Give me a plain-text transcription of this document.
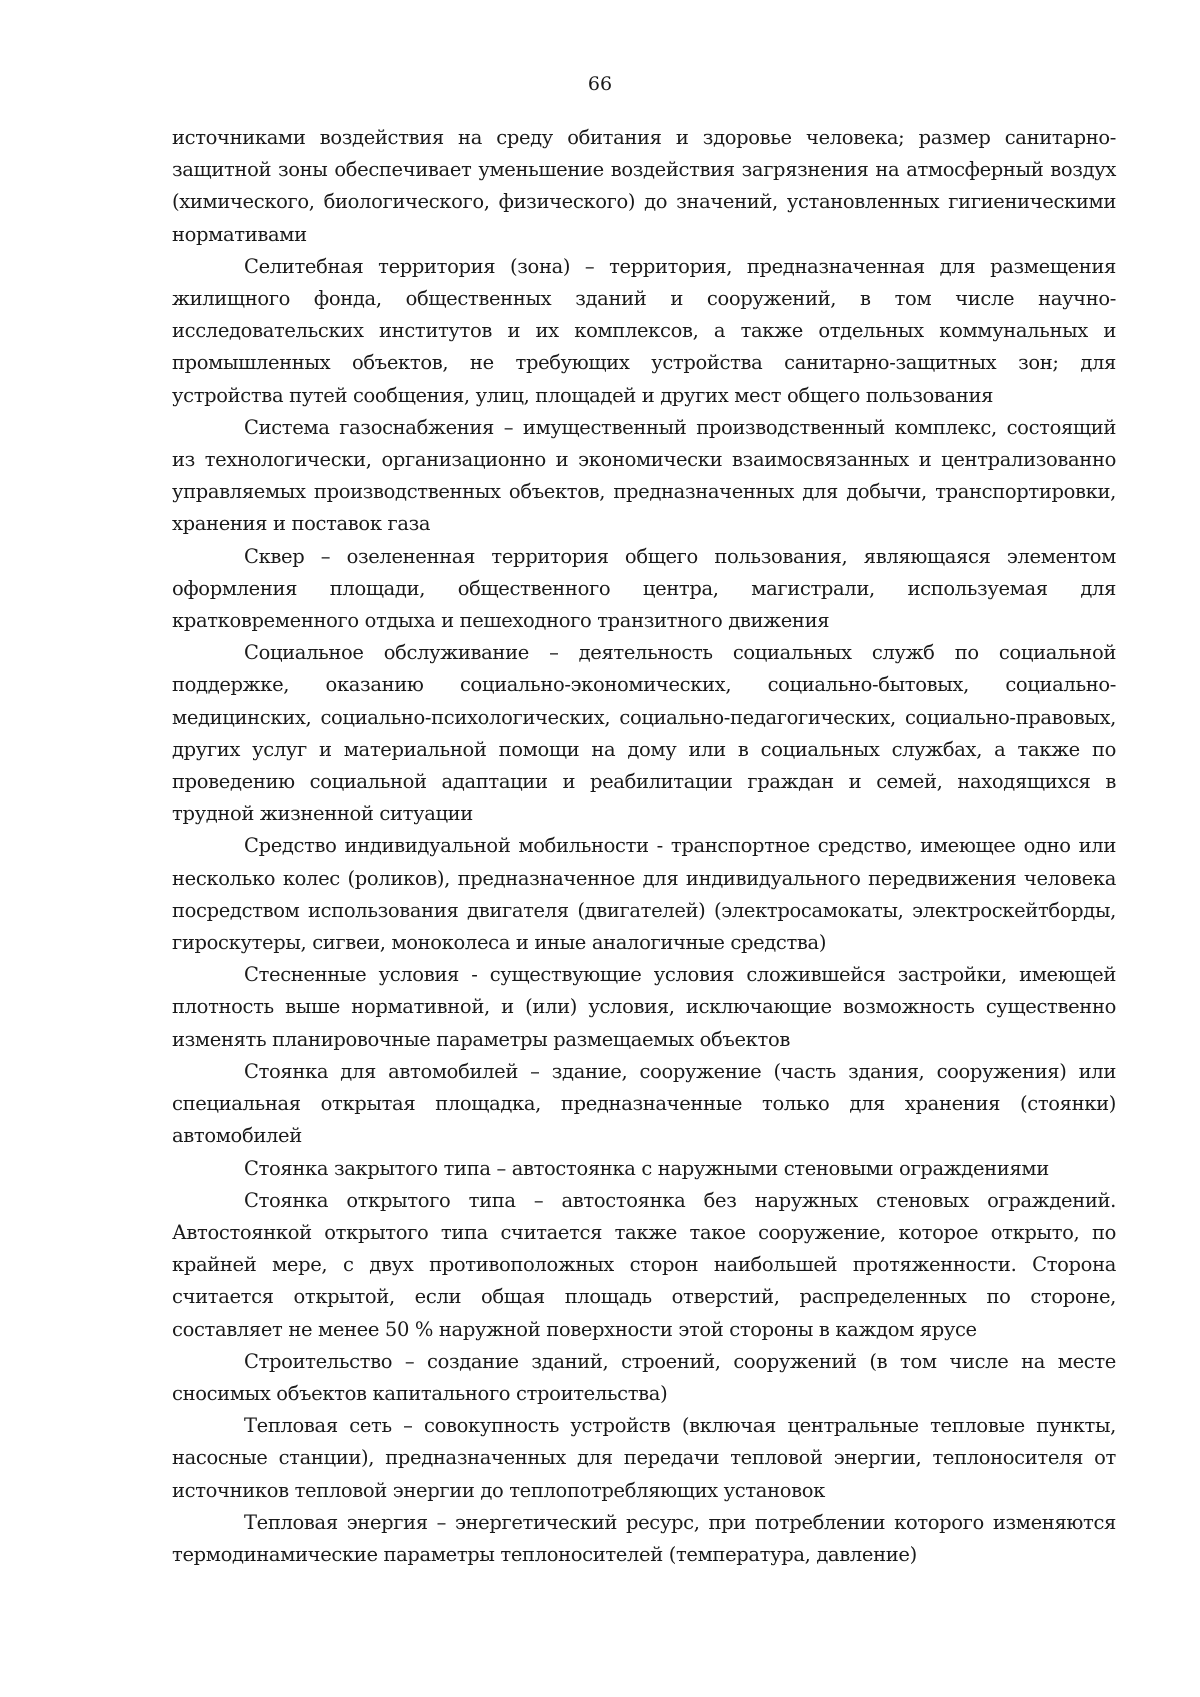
66

источниками воздействия на среду обитания и здоровье человека; размер санитарно-защитной зоны обеспечивает уменьшение воздействия загрязнения на атмосферный воздух (химического, биологического, физического) до значений, установленных гигиеническими нормативами

Селитебная территория (зона) – территория, предназначенная для размещения жилищного фонда, общественных зданий и сооружений, в том числе научно-исследовательских институтов и их комплексов, а также отдельных коммунальных и промышленных объектов, не требующих устройства санитарно-защитных зон; для устройства путей сообщения, улиц, площадей и других мест общего пользования

Система газоснабжения – имущественный производственный комплекс, состоящий из технологически, организационно и экономически взаимосвязанных и централизованно управляемых производственных объектов, предназначенных для добычи, транспортировки, хранения и поставок газа

Сквер – озелененная территория общего пользования, являющаяся элементом оформления площади, общественного центра, магистрали, используемая для кратковременного отдыха и пешеходного транзитного движения

Социальное обслуживание – деятельность социальных служб по социальной поддержке, оказанию социально-экономических, социально-бытовых, социально-медицинских, социально-психологических, социально-педагогических, социально-правовых, других услуг и материальной помощи на дому или в социальных службах, а также по проведению социальной адаптации и реабилитации граждан и семей, находящихся в трудной жизненной ситуации

Средство индивидуальной мобильности - транспортное средство, имеющее одно или несколько колес (роликов), предназначенное для индивидуального передвижения человека посредством использования двигателя (двигателей) (электросамокаты, электроскейтборды, гироскутеры, сигвеи, моноколеса и иные аналогичные средства)

Стесненные условия - существующие условия сложившейся застройки, имеющей плотность выше нормативной, и (или) условия, исключающие возможность существенно изменять планировочные параметры размещаемых объектов

Стоянка для автомобилей – здание, сооружение (часть здания, сооружения) или специальная открытая площадка, предназначенные только для хранения (стоянки) автомобилей

Стоянка закрытого типа – автостоянка с наружными стеновыми ограждениями

Стоянка открытого типа – автостоянка без наружных стеновых ограждений. Автостоянкой открытого типа считается также такое сооружение, которое открыто, по крайней мере, с двух противоположных сторон наибольшей протяженности. Сторона считается открытой, если общая площадь отверстий, распределенных по стороне, составляет не менее 50 % наружной поверхности этой стороны в каждом ярусе

Строительство – создание зданий, строений, сооружений (в том числе на месте сносимых объектов капитального строительства)

Тепловая сеть – совокупность устройств (включая центральные тепловые пункты, насосные станции), предназначенных для передачи тепловой энергии, теплоносителя от источников тепловой энергии до теплопотребляющих установок

Тепловая энергия – энергетический ресурс, при потреблении которого изменяются термодинамические параметры теплоносителей (температура, давление)
